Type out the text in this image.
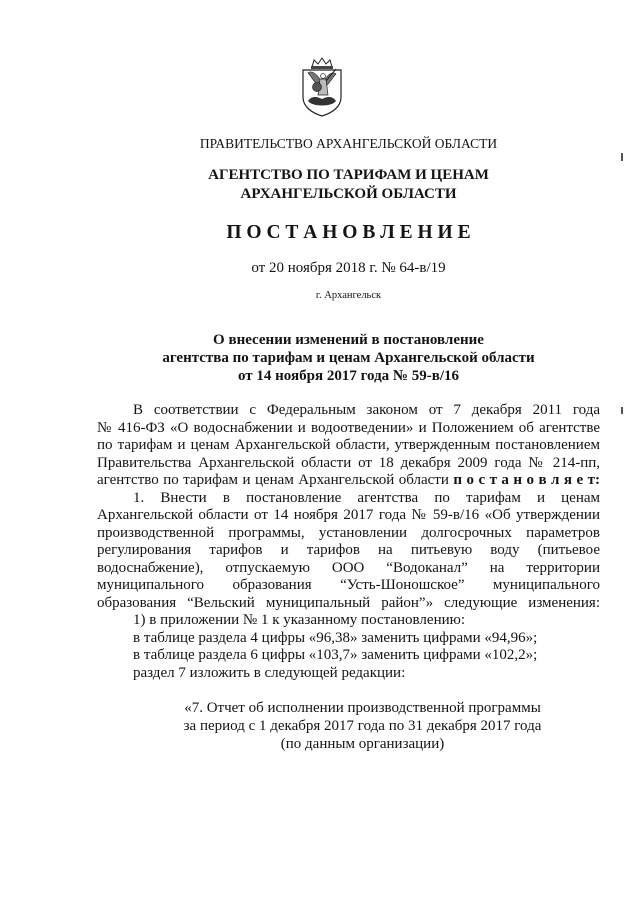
ПРАВИТЕЛЬСТВО АРХАНГЕЛЬСКОЙ ОБЛАСТИ
АГЕНТСТВО ПО ТАРИФАМ И ЦЕНАМ
АРХАНГЕЛЬСКОЙ ОБЛАСТИ
П О С Т А Н О В Л Е Н И Е
от 20 ноября 2018 г. № 64-в/19
г. Архангельск
О внесении изменений в постановление
агентства по тарифам и ценам Архангельской области
от 14 ноября 2017 года № 59-в/16
В соответствии с Федеральным законом от 7 декабря 2011 года
№ 416-ФЗ «О водоснабжении и водоотведении» и Положением об агентстве
по тарифам и ценам Архангельской области, утвержденным постановлением
Правительства Архангельской области от 18 декабря 2009 года № 214-пп,
агентство по тарифам и ценам Архангельской области п о с т а н о в л я е т:
1. Внести в постановление агентства по тарифам и ценам
Архангельской области от 14 ноября 2017 года № 59-в/16 «Об утверждении
производственной программы, установлении долгосрочных параметров
регулирования тарифов и тарифов на питьевую воду (питьевое
водоснабжение), отпускаемую ООО “Водоканал” на территории
муниципального образования “Усть-Шоношское” муниципального
образования “Вельский муниципальный район”» следующие изменения:
1) в приложении № 1 к указанному постановлению:
в таблице раздела 4 цифры «96,38» заменить цифрами «94,96»;
в таблице раздела 6 цифры «103,7» заменить цифрами «102,2»;
раздел 7 изложить в следующей редакции:
«7. Отчет об исполнении производственной программы
за период с 1 декабря 2017 года по 31 декабря 2017 года
(по данным организации)
